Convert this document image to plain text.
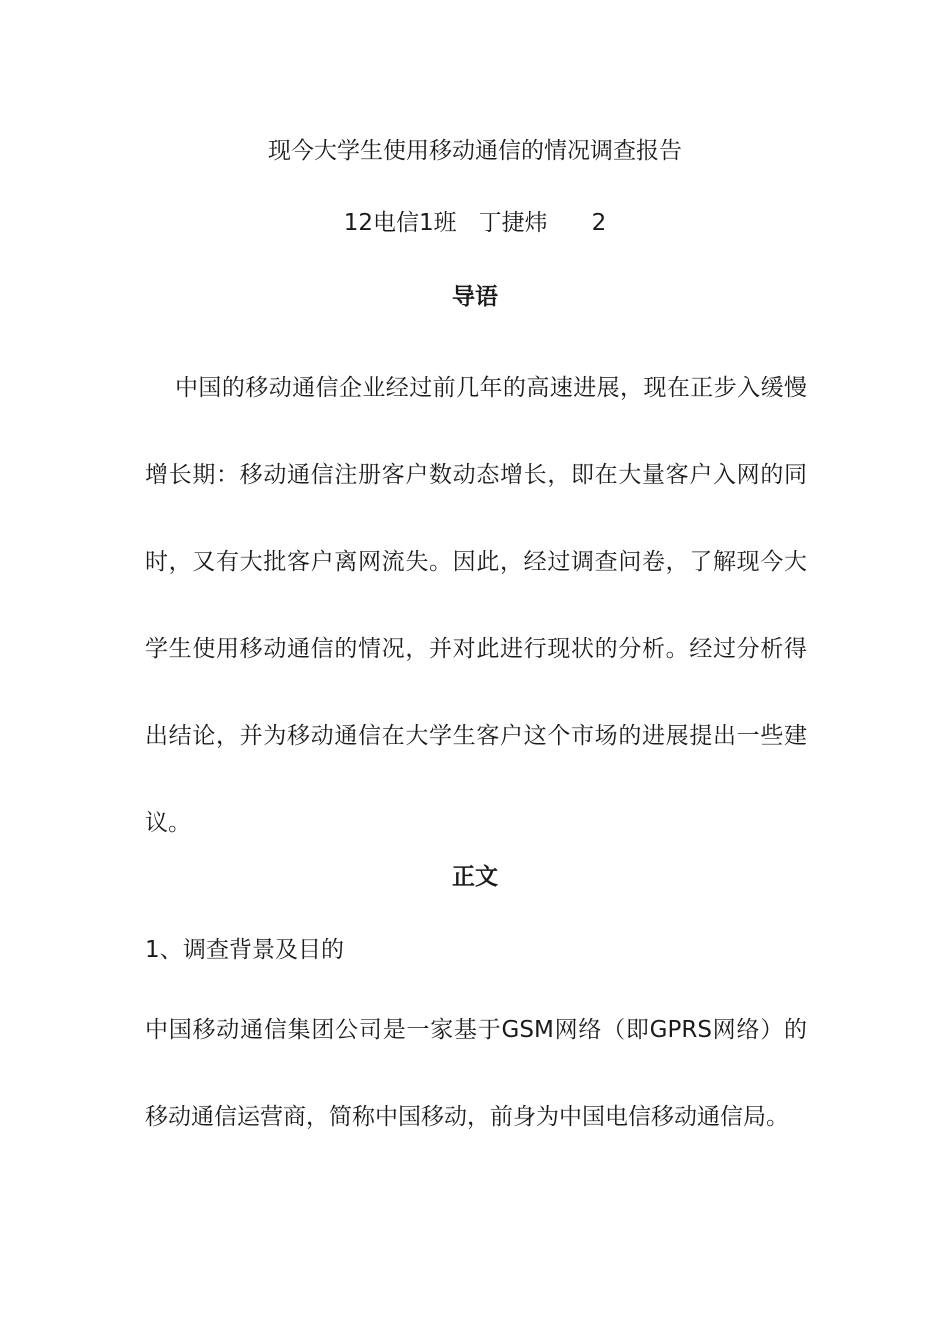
现今大学生使用移动通信的情况调查报告
12电信1班 丁捷炜 2
导语

中国的移动通信企业经过前几年的高速进展，现在正步入缓慢增长期：移动通信注册客户数动态增长，即在大量客户入网的同时，又有大批客户离网流失。因此，经过调查问卷，了解现今大学生使用移动通信的情况，并对此进行现状的分析。经过分析得出结论，并为移动通信在大学生客户这个市场的进展提出一些建议。

正文
1、调查背景及目的

中国移动通信集团公司是一家基于GSM网络（即GPRS网络）的移动通信运营商，简称中国移动，前身为中国电信移动通信局。
